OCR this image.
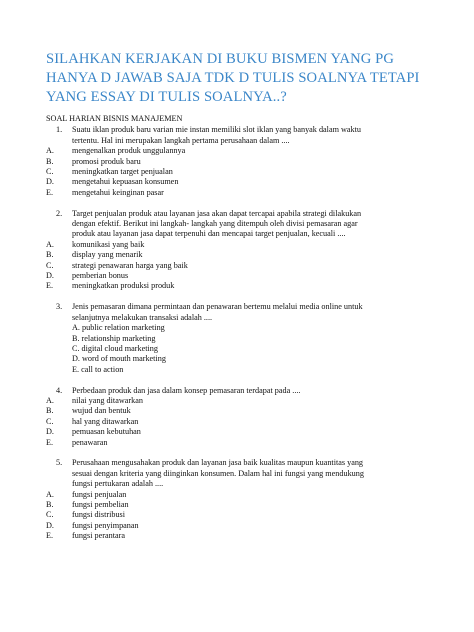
SILAHKAN KERJAKAN DI BUKU BISMEN YANG PG
HANYA D JAWAB SAJA TDK D TULIS SOALNYA TETAPI
YANG ESSAY DI TULIS SOALNYA..?
SOAL HARIAN BISNIS MANAJEMEN
1. Suatu iklan produk baru varian mie instan memiliki slot iklan yang banyak dalam waktu
tertentu. Hal ini merupakan langkah pertama perusahaan dalam ....
A. mengenalkan produk unggulannya
B. promosi produk baru
C. meningkatkan target penjualan
D. mengetahui kepuasan konsumen
E. mengetahui keinginan pasar
2. Target penjualan produk atau layanan jasa akan dapat tercapai apabila strategi dilakukan
dengan efektif. Berikut ini langkah- langkah yang ditempuh oleh divisi pemasaran agar
produk atau layanan jasa dapat terpenuhi dan mencapai target penjualan, kecuali ....
A. komunikasi yang baik
B. display yang menarik
C. strategi penawaran harga yang baik
D. pemberian bonus
E. meningkatkan produksi produk
3. Jenis pemasaran dimana permintaan dan penawaran bertemu melalui media online untuk
selanjutnya melakukan transaksi adalah ....
A. public relation marketing
B. relationship marketing
C. digital cloud marketing
D. word of mouth marketing
E. call to action
4. Perbedaan produk dan jasa dalam konsep pemasaran terdapat pada ....
A. nilai yang ditawarkan
B. wujud dan bentuk
C. hal yang ditawarkan
D. pemuasan kebutuhan
E. penawaran
5. Perusahaan mengusahakan produk dan layanan jasa baik kualitas maupun kuantitas yang
sesuai dengan kriteria yang diinginkan konsumen. Dalam hal ini fungsi yang mendukung
fungsi pertukaran adalah ....
A. fungsi penjualan
B. fungsi pembelian
C. fungsi distribusi
D. fungsi penyimpanan
E. fungsi perantara
